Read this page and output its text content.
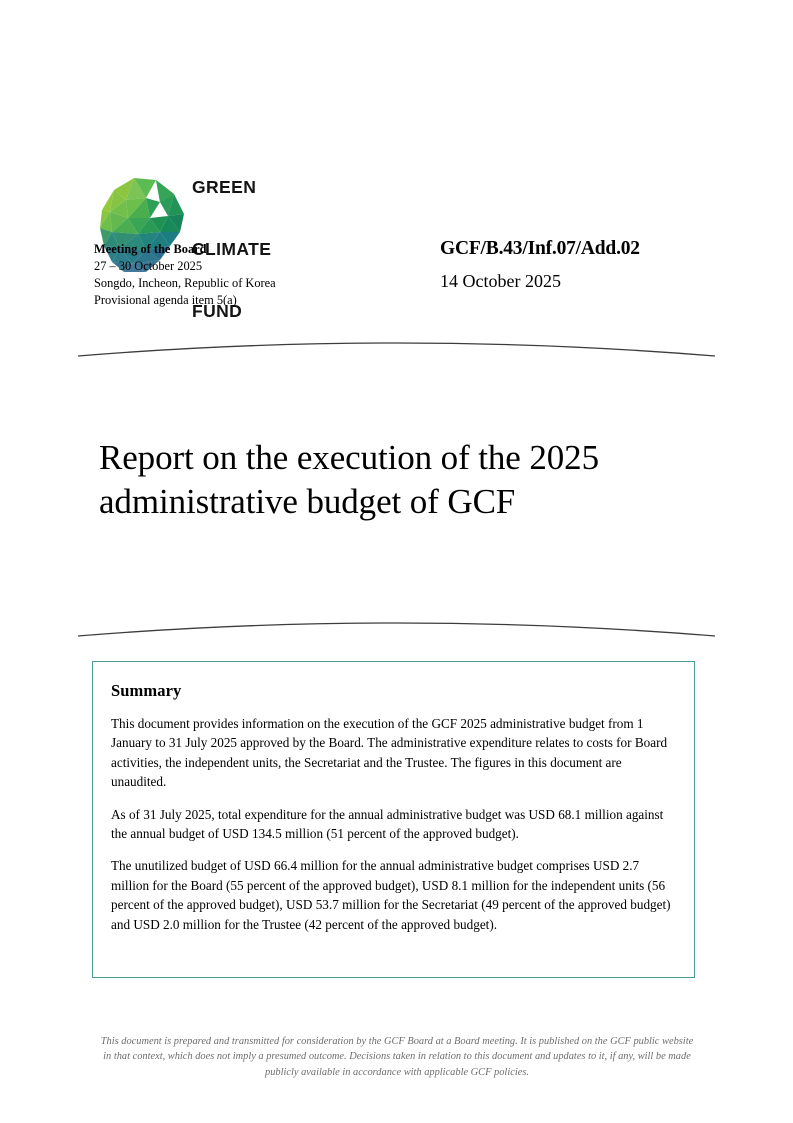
GREEN

CLIMATE

FUND

Meeting of the Board
27 – 30 October 2025
Songdo, Incheon, Republic of Korea
Provisional agenda item 5(a)
GCF/B.43/Inf.07/Add.02
14 October 2025
Report on the execution of the 2025 administrative budget of GCF
Summary

This document provides information on the execution of the GCF 2025 administrative budget from 1 January to 31 July 2025 approved by the Board. The administrative expenditure relates to costs for Board activities, the independent units, the Secretariat and the Trustee. The figures in this document are unaudited.

As of 31 July 2025, total expenditure for the annual administrative budget was USD 68.1 million against the annual budget of USD 134.5 million (51 percent of the approved budget).

The unutilized budget of USD 66.4 million for the annual administrative budget comprises USD 2.7 million for the Board (55 percent of the approved budget), USD 8.1 million for the independent units (56 percent of the approved budget), USD 53.7 million for the Secretariat (49 percent of the approved budget) and USD 2.0 million for the Trustee (42 percent of the approved budget).

This document is prepared and transmitted for consideration by the GCF Board at a Board meeting. It is published on the GCF public website in that context, which does not imply a presumed outcome. Decisions taken in relation to this document and updates to it, if any, will be made publicly available in accordance with applicable GCF policies.
